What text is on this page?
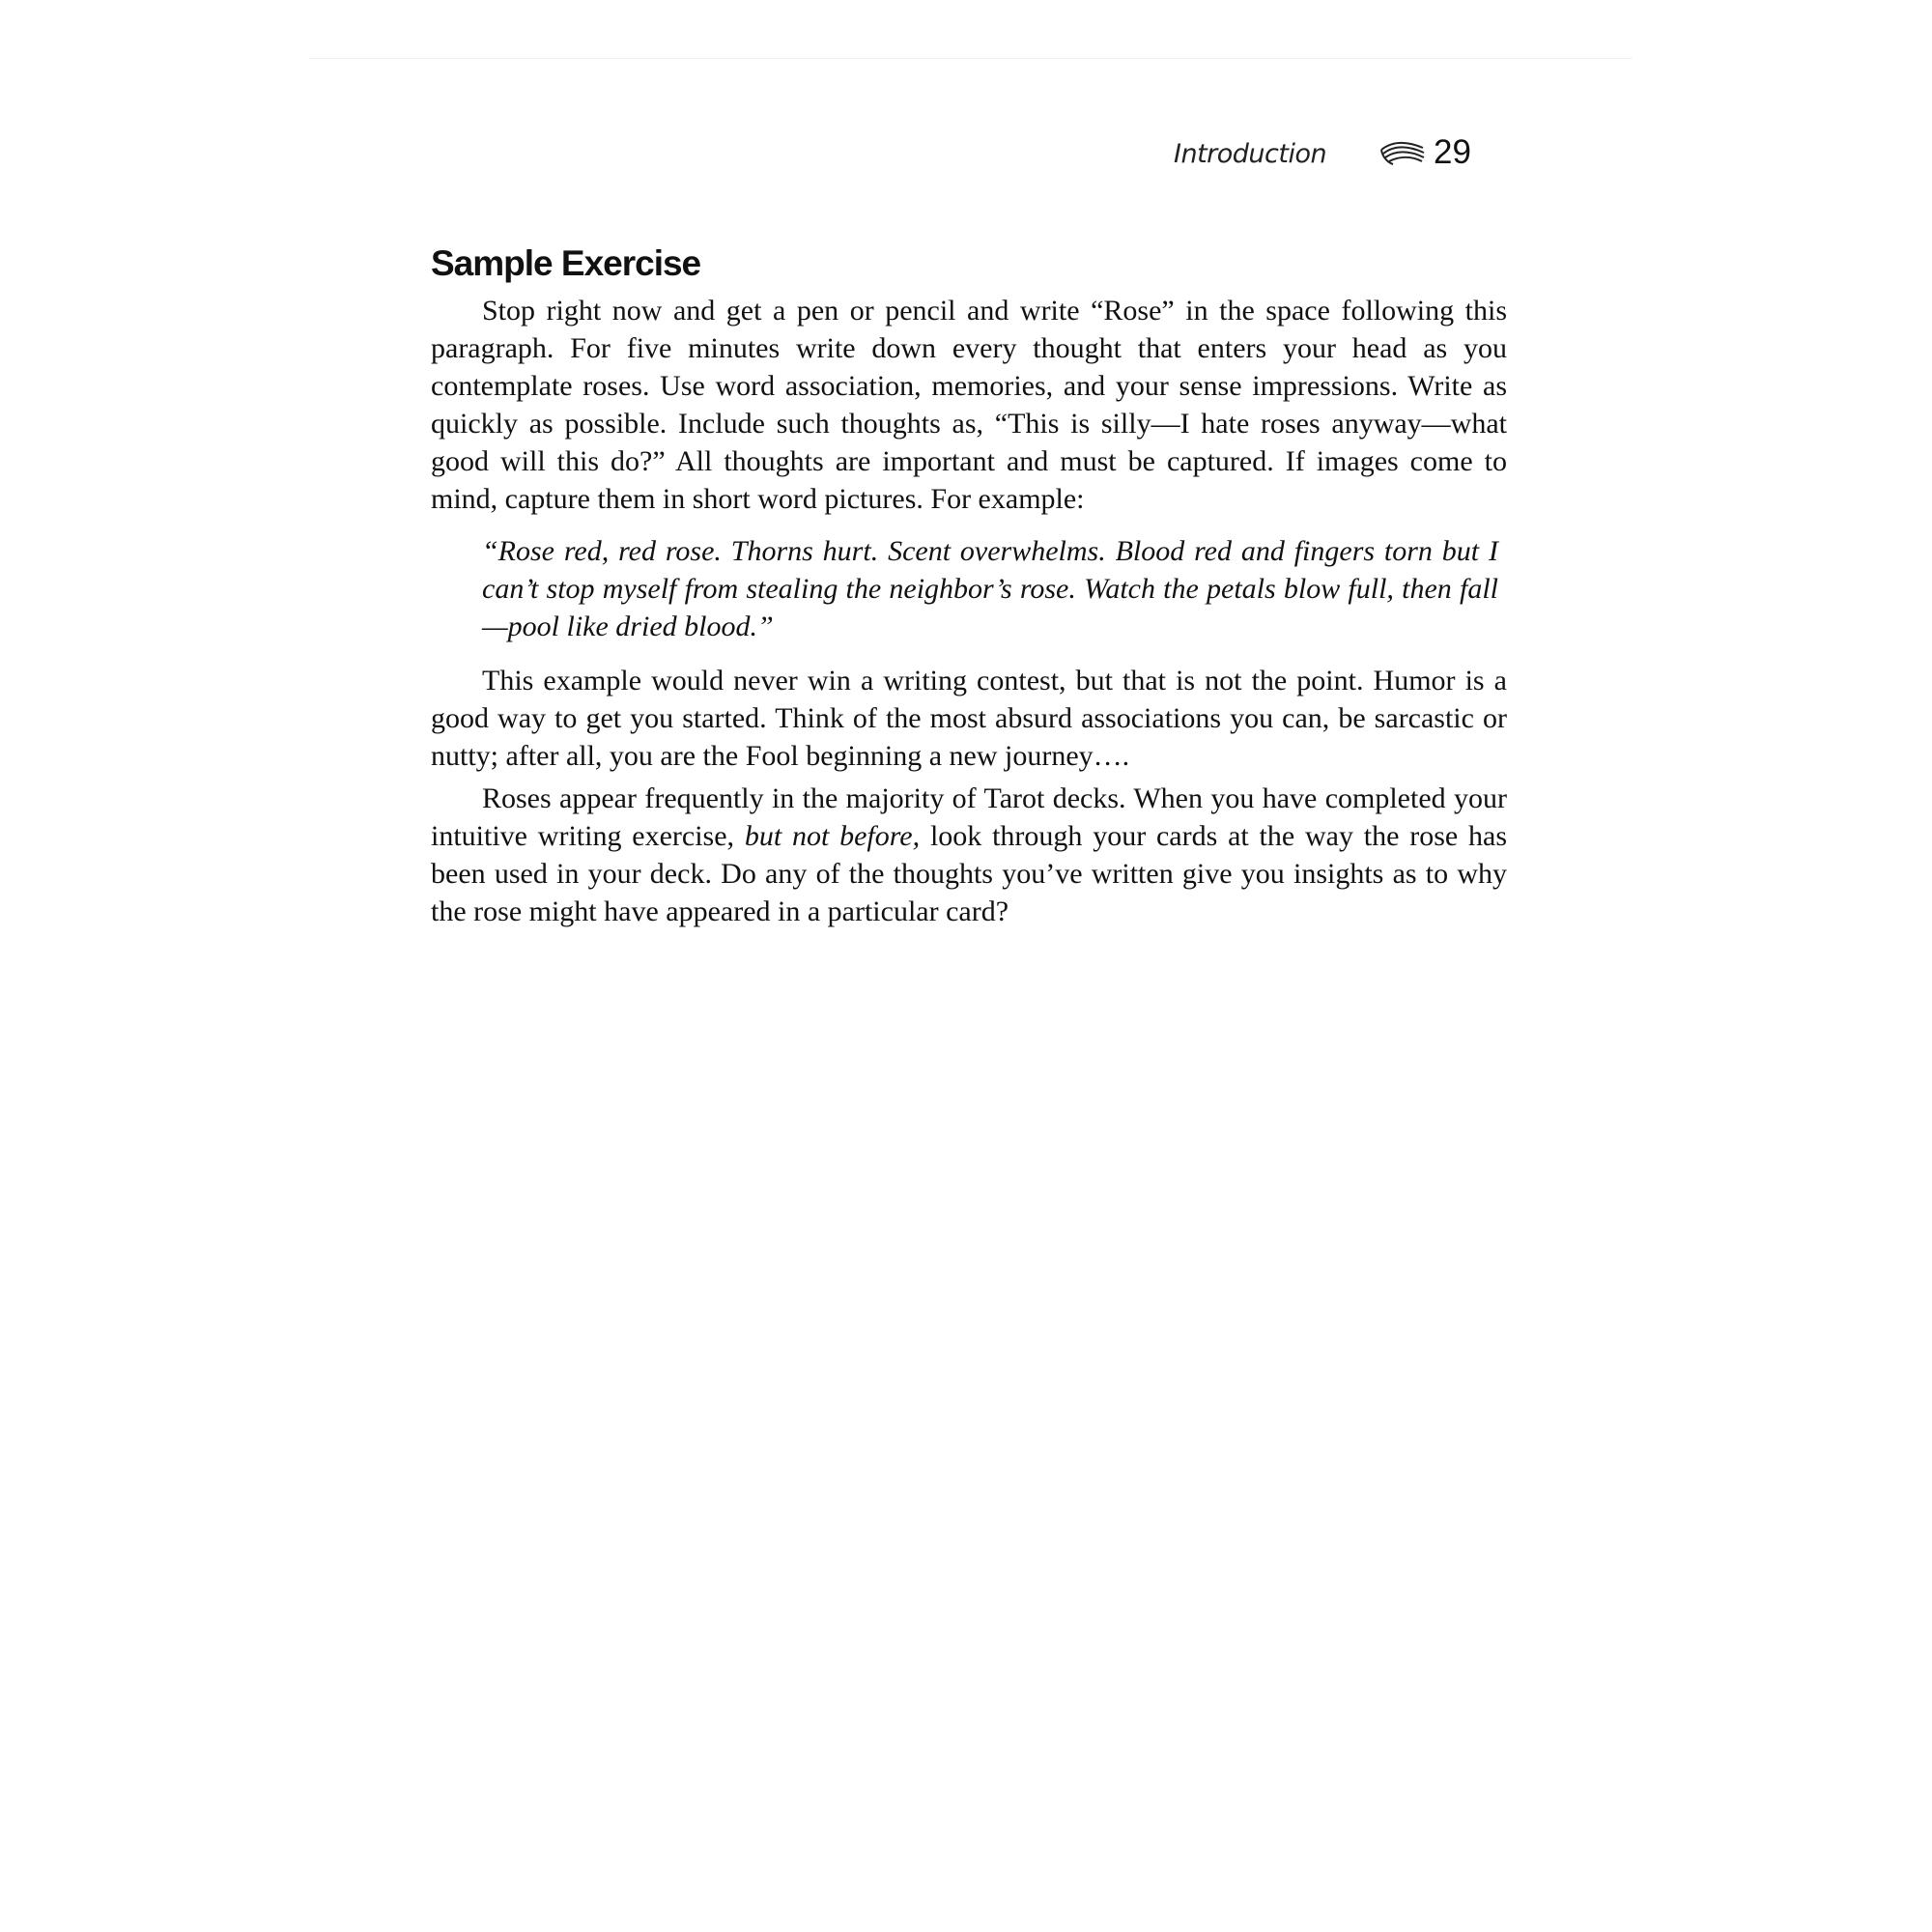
Introduction	29
Sample Exercise

Stop right now and get a pen or pencil and write “Rose” in the space following this paragraph. For five minutes write down every thought that enters your head as you contemplate roses. Use word association, memories, and your sense impressions. Write as quickly as possible. Include such thoughts as, “This is silly—I hate roses anyway—what good will this do?” All thoughts are important and must be captured. If images come to mind, capture them in short word pictures. For example:

“Rose red, red rose. Thorns hurt. Scent overwhelms. Blood red and fingers torn but I can’t stop myself from stealing the neighbor’s rose. Watch the petals blow full, then fall—pool like dried blood.”

This example would never win a writing contest, but that is not the point. Humor is a good way to get you started. Think of the most absurd associations you can, be sarcastic or nutty; after all, you are the Fool beginning a new journey….

Roses appear frequently in the majority of Tarot decks. When you have completed your intuitive writing exercise, but not before, look through your cards at the way the rose has been used in your deck. Do any of the thoughts you’ve written give you insights as to why the rose might have appeared in a particular card?
